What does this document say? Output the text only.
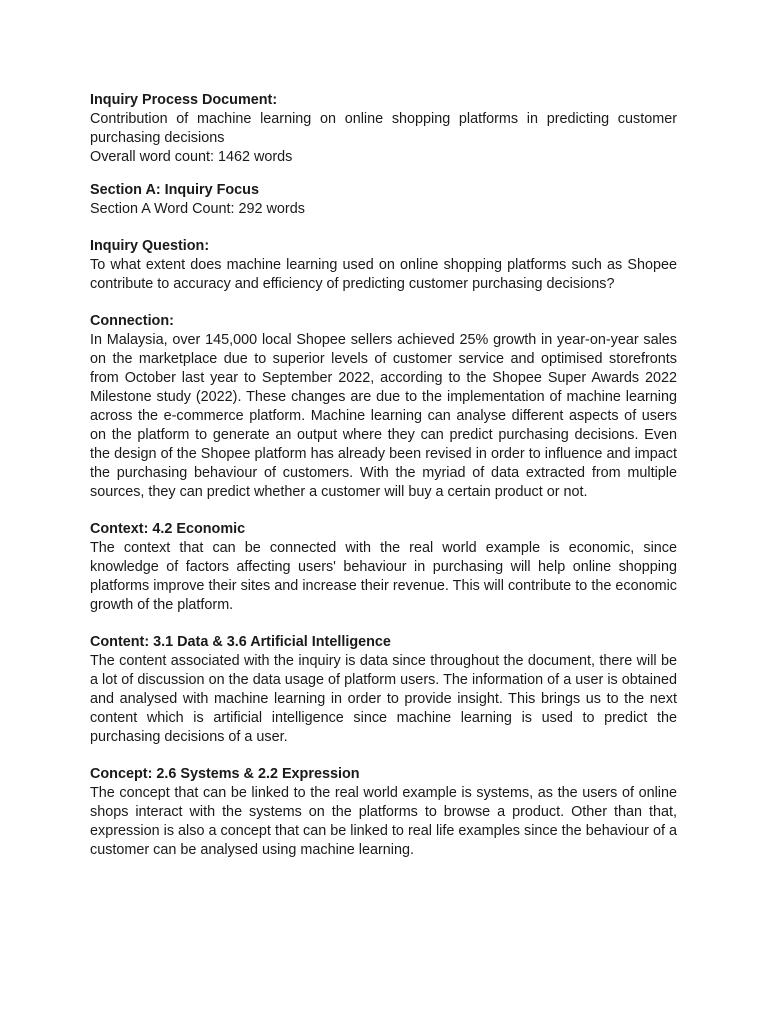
Inquiry Process Document:

Contribution of machine learning on online shopping platforms in predicting customer purchasing decisions

Overall word count: 1462 words

Section A: Inquiry Focus

Section A Word Count: 292 words

Inquiry Question:

To what extent does machine learning used on online shopping platforms such as Shopee contribute to accuracy and efficiency of predicting customer purchasing decisions?

Connection:

In Malaysia, over 145,000 local Shopee sellers achieved 25% growth in year-on-year sales on the marketplace due to superior levels of customer service and optimised storefronts from October last year to September 2022, according to the Shopee Super Awards 2022 Milestone study (2022). These changes are due to the implementation of machine learning across the e-commerce platform. Machine learning can analyse different aspects of users on the platform to generate an output where they can predict purchasing decisions. Even the design of the Shopee platform has already been revised in order to influence and impact the purchasing behaviour of customers. With the myriad of data extracted from multiple sources, they can predict whether a customer will buy a certain product or not.

Context: 4.2 Economic

The context that can be connected with the real world example is economic, since knowledge of factors affecting users' behaviour in purchasing will help online shopping platforms improve their sites and increase their revenue. This will contribute to the economic growth of the platform.

Content: 3.1 Data & 3.6 Artificial Intelligence

The content associated with the inquiry is data since throughout the document, there will be a lot of discussion on the data usage of platform users. The information of a user is obtained and analysed with machine learning in order to provide insight. This brings us to the next content which is artificial intelligence since machine learning is used to predict the purchasing decisions of a user.

Concept: 2.6 Systems & 2.2 Expression

The concept that can be linked to the real world example is systems, as the users of online shops interact with the systems on the platforms to browse a product. Other than that, expression is also a concept that can be linked to real life examples since the behaviour of a customer can be analysed using machine learning.
